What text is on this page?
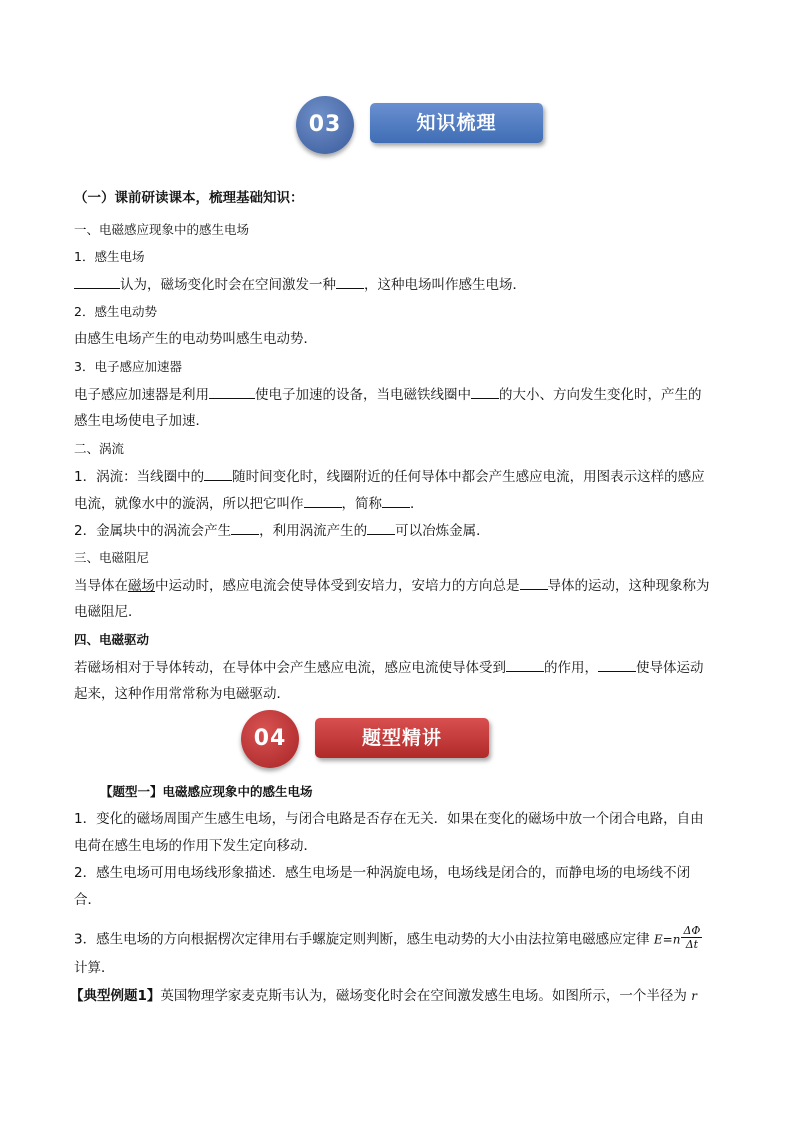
知识梳理
03
（一）课前研读课本，梳理基础知识：
一、电磁感应现象中的感生电场
1．感生电场
认为，磁场变化时会在空间激发一种 ，这种电场叫作感生电场．
2．感生电动势
由感生电场产生的电动势叫感生电动势．
3．电子感应加速器
电子感应加速器是利用	使电子加速的设备，当电磁铁线圈中 的大小、方向发生变化时，产生的
感生电场使电子加速．
二、涡流
1．涡流：当线圈中的 随时间变化时，线圈附近的任何导体中都会产生感应电流，用图表示这样的感应
电流，就像水中的漩涡，所以把它叫作	，简称 ．
2．金属块中的涡流会产生 ，利用涡流产生的 可以冶炼金属．
三、电磁阻尼
当导体在磁场中运动时，感应电流会使导体受到安培力，安培力的方向总是 导体的运动，这种现象称为
电磁阻尼．
四、电磁驱动
若磁场相对于导体转动，在导体中会产生感应电流，感应电流使导体受到	的作用，	使导体运动
起来，这种作用常常称为电磁驱动．
题型精讲
04
【题型一】电磁感应现象中的感生电场
1．变化的磁场周围产生感生电场，与闭合电路是否存在无关．如果在变化的磁场中放一个闭合电路，自由
电荷在感生电场的作用下发生定向移动．
2．感生电场可用电场线形象描述．感生电场是一种涡旋电场，电场线是闭合的，而静电场的电场线不闭
合．
3．感生电场的方向根据楞次定律用右手螺旋定则判断，感生电动势的大小由法拉第电磁感应定律 $E=n \frac{\Delta\Phi}{\Delta t}$
计算．
【典型例题1】英国物理学家麦克斯韦认为，磁场变化时会在空间激发感生电场。如图所示，一个半径为 r
